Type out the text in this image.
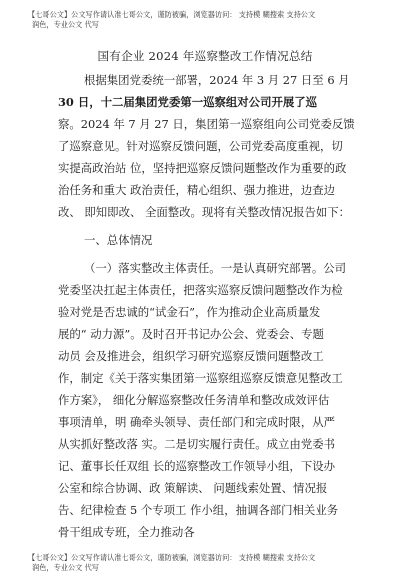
【七哥公文】公文写作请认准七哥公文，谨防被骗，浏览器访问： 支持模 糊搜索 支持公文
润色，专业公文 代写
国有企业 2024 年巡察整改工作情况总结
根据集团党委统一部署，2024 年 3 月 27 日至 6 月
30 日，十二届集团党委第一巡察组对公司开展了巡
察。2024 年 7 月 27 日，集团第一巡察组向公司党委反馈
了巡察意见。针对巡察反馈问题，公司党委高度重视，切
实提高政治站 位，坚持把巡察反馈问题整改作为重要的政
治任务和重大 政治责任，精心组织、强力推进，边查边
改、 即知即改、 全面整改。现将有关整改情况报告如下：
一、总体情况
（一）落实整改主体责任。一是认真研究部署。公司
党委坚决扛起主体责任，把落实巡察反馈问题整改作为检
验对党是否忠诚的“试金石”，作为推动企业高质量发
展的“ 动力源”。及时召开书记办公会、党委会、专题
动员 会及推进会，组织学习研究巡察反馈问题整改工
作，制定《关于落实集团第一巡察组巡察反馈意见整改工
作方案》， 细化分解巡察整改任务清单和整改成效评估
事项清单，明 确牵头领导、责任部门和完成时限，从严
从实抓好整改落 实。二是切实履行责任。成立由党委书
记、董事长任双组 长的巡察整改工作领导小组，下设办
公室和综合协调、政 策解读、 问题线索处置、情况报
告、纪律检查 5 个专项工 作小组，抽调各部门相关业务
骨干组成专班，全力推动各
【七哥公文】公文写作请认准七哥公文，谨防被骗，浏览器访问： 支持模 糊搜索 支持公文
润色，专业公文 代写
